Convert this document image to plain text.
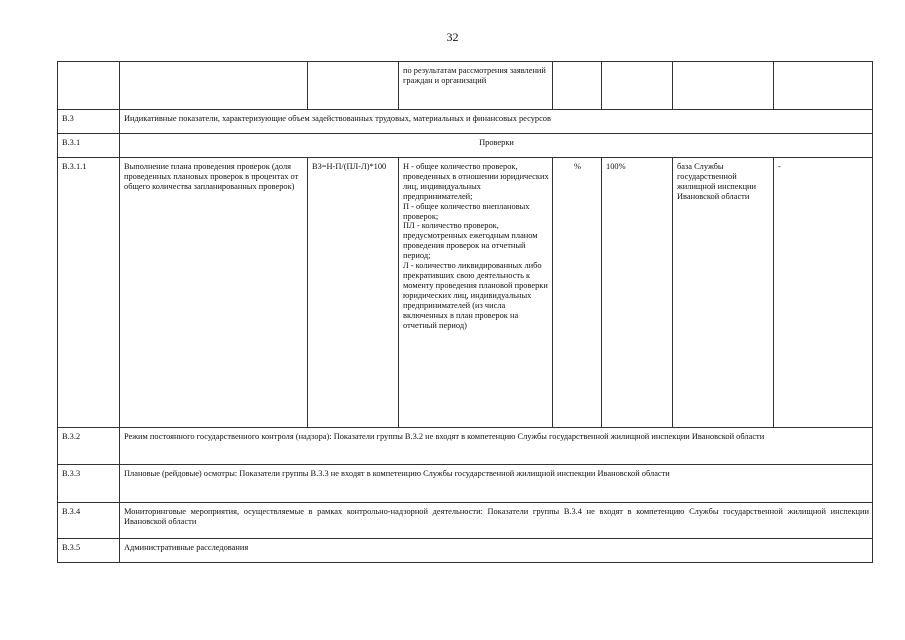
32
			по результатам рассмотрения заявлений граждан и организаций				
В.3	Индикативные показатели, характеризующие объем задействованных трудовых, материальных и финансовых ресурсов						
В.3.1	Проверки						
В.3.1.1	Выполнение плана проведения проверок (доля проведенных плановых проверок в процентах от общего количества запланированных проверок)	ВЗ=Н-П/(ПЛ-Л)*100	Н - общее количество проверок, проведенных в отношении юридических лиц, индивидуальных предпринимателей;
П - общее количество внеплановых проверок;
ПЛ - количество проверок, предусмотренных ежегодным планом проведения проверок на отчетный период;
Л - количество ликвидированных либо прекративших свою деятельность к моменту проведения плановой проверки юридических лиц, индивидуальных предпринимателей (из числа включенных в план проверок на отчетный период)	%	100%	база Службы государственной жилищной инспекции Ивановской области	-
В.3.2	Режим постоянного государственного контроля (надзора): Показатели группы В.3.2 не входят в компетенцию Службы государственной жилищной инспекции Ивановской области						
В.3.3	Плановые (рейдовые) осмотры: Показатели группы В.3.3 не входят в компетенцию Службы государственной жилищной инспекции Ивановской области						
В.3.4	Мониторинговые мероприятия, осуществляемые в рамках контрольно-надзорной деятельности: Показатели группы В.3.4 не входят в компетенцию Службы государственной жилищной инспекции Ивановской области						
В.3.5	Административные расследования						
